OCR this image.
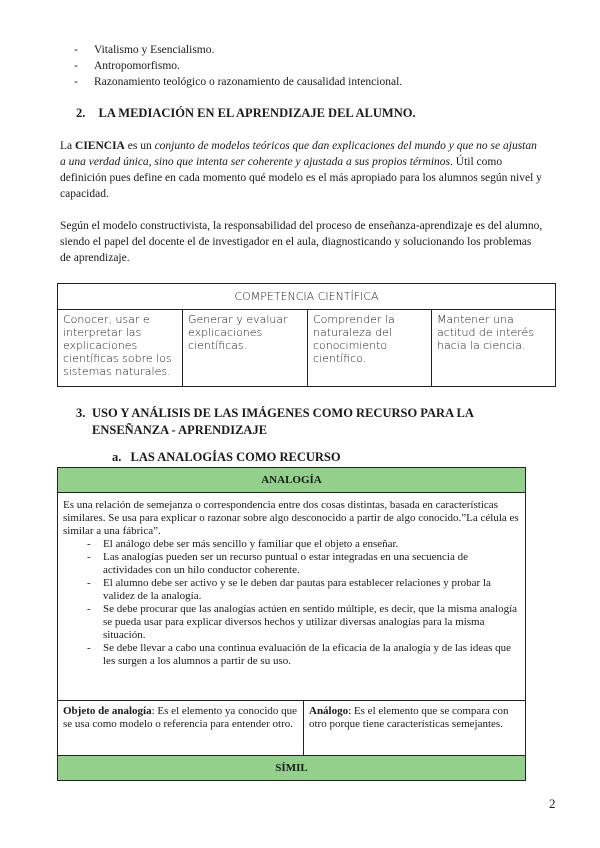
- Vitalismo y Esencialismo.
- Antropomorfismo.
- Razonamiento teológico o razonamiento de causalidad intencional.
2. LA MEDIACIÓN EN EL APRENDIZAJE DEL ALUMNO.
La CIENCIA es un conjunto de modelos teóricos que dan explicaciones del mundo y que no se ajustan a una verdad única, sino que intenta ser coherente y ajustada a sus propios términos. Útil como definición pues define en cada momento qué modelo es el más apropiado para los alumnos según nivel y capacidad.
Según el modelo constructivista, la responsabilidad del proceso de enseñanza-aprendizaje es del alumno, siendo el papel del docente el de investigador en el aula, diagnosticando y solucionando los problemas de aprendizaje.
COMPETENCIA CIENTÍFICA
Conocer, usar e interpretar las explicaciones científicas sobre los sistemas naturales.	Generar y evaluar explicaciones científicas.	Comprender la naturaleza del conocimiento científico.	Mantener una actitud de interés hacia la ciencia.
3. USO Y ANÁLISIS DE LAS IMÁGENES COMO RECURSO PARA LA ENSEÑANZA - APRENDIZAJE
a. LAS ANALOGÍAS COMO RECURSO
ANALOGÍA

Es una relación de semejanza o correspondencia entre dos cosas distintas, basada en características similares. Se usa para explicar o razonar sobre algo desconocido a partir de algo conocido.”La célula es similar a una fábrica”.
- El análogo debe ser más sencillo y familiar que el objeto a enseñar.
- Las analogías pueden ser un recurso puntual o estar integradas en una secuencia de actividades con un hilo conductor coherente.
- El alumno debe ser activo y se le deben dar pautas para establecer relaciones y probar la validez de la analogía.
- Se debe procurar que las analogías actúen en sentido múltiple, es decir, que la misma analogía se pueda usar para explicar diversos hechos y utilizar diversas analogías para la misma situación.
- Se debe llevar a cabo una continua evaluación de la eficacia de la analogía y de las ideas que les surgen a los alumnos a partir de su uso.

Objeto de analogía: Es el elemento ya conocido que se usa como modelo o referencia para entender otro.	Análogo: Es el elemento que se compara con otro porque tiene características semejantes.
SÍMIL
2
